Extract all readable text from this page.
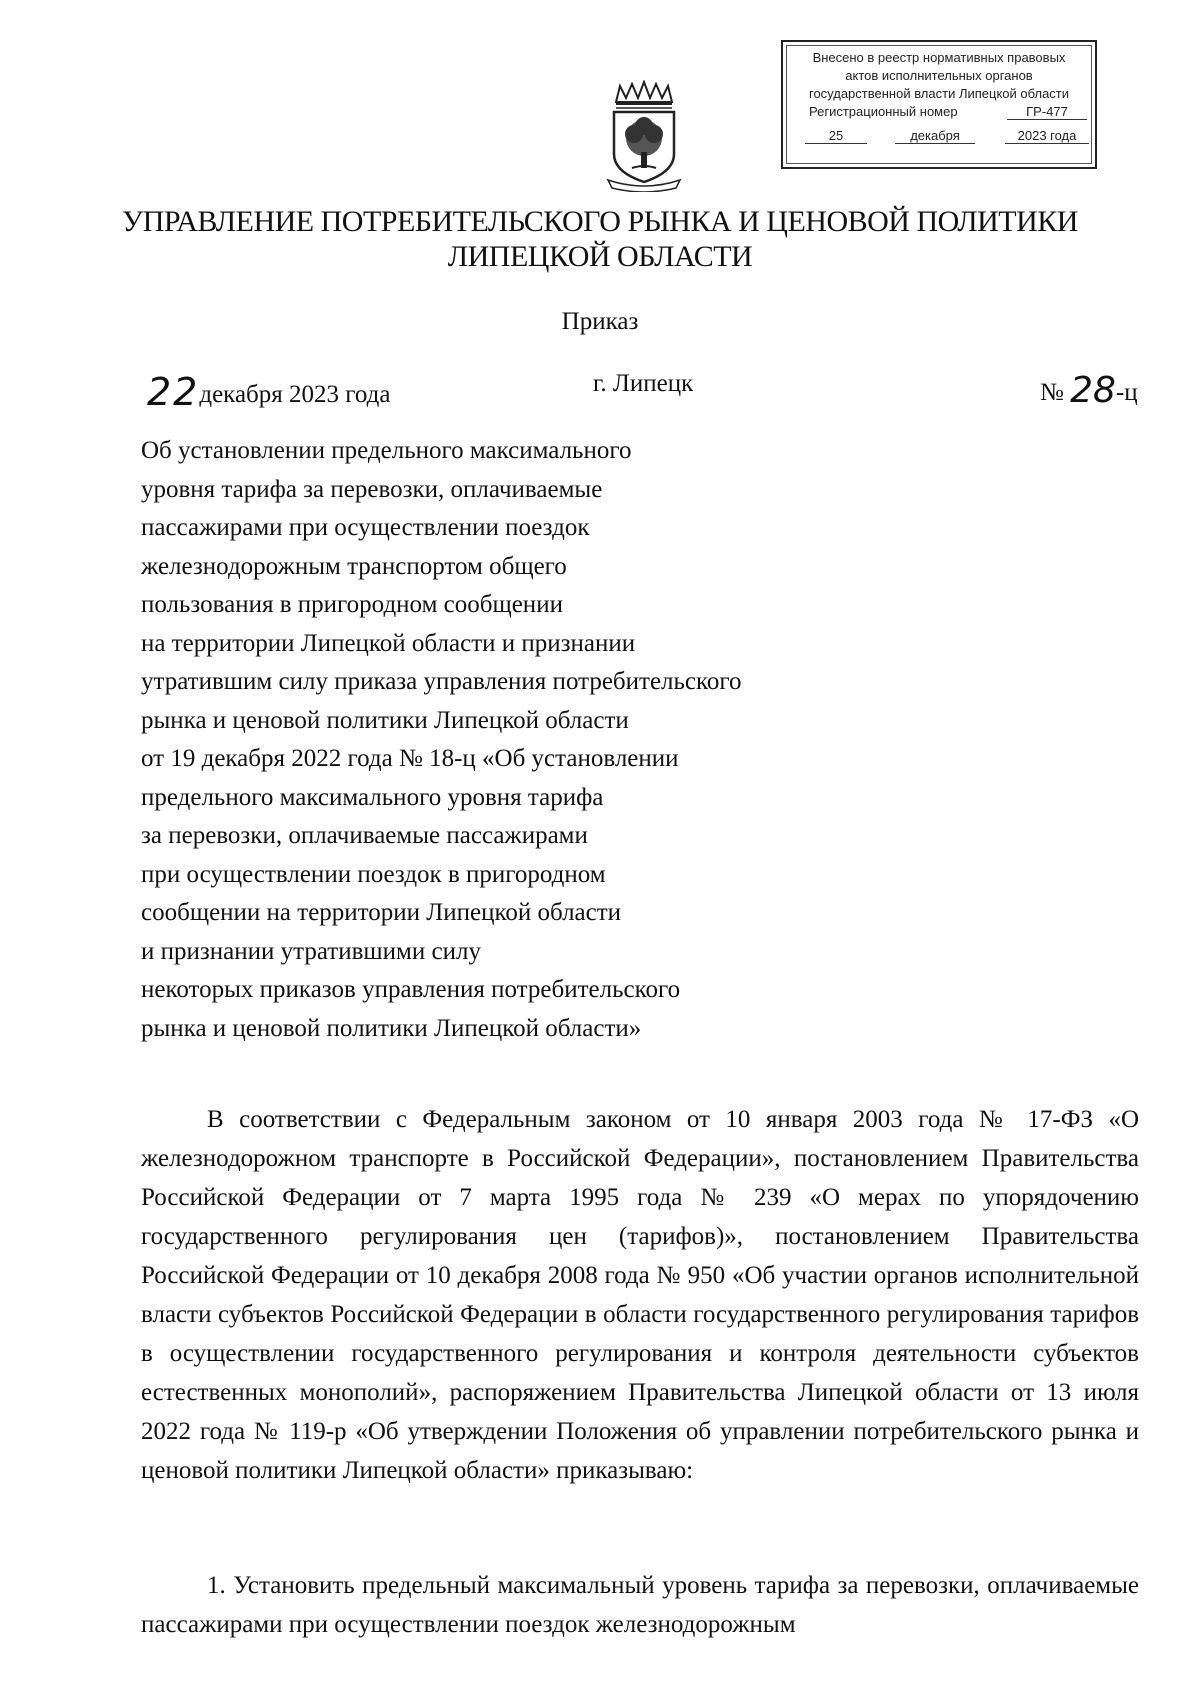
Внесено в реестр нормативных правовых
актов исполнительных органов
государственной власти Липецкой области
Регистрационный номер	ГР-477
25	декабря	2023 года
УПРАВЛЕНИЕ ПОТРЕБИТЕЛЬСКОГО РЫНКА И ЦЕНОВОЙ ПОЛИТИКИ
ЛИПЕЦКОЙ ОБЛАСТИ
Приказ
22декабря 2023 года	г. Липецк	№ 28-ц
Об установлении предельного максимального
уровня тарифа за перевозки, оплачиваемые
пассажирами при осуществлении поездок
железнодорожным транспортом общего
пользования в пригородном сообщении
на территории Липецкой области и признании
утратившим силу приказа управления потребительского
рынка и ценовой политики Липецкой области
от 19 декабря 2022 года № 18-ц «Об установлении
предельного максимального уровня тарифа
за перевозки, оплачиваемые пассажирами
при осуществлении поездок в пригородном
сообщении на территории Липецкой области
и признании утратившими силу
некоторых приказов управления потребительского
рынка и ценовой политики Липецкой области»
В соответствии с Федеральным законом от 10 января 2003 года № 17-ФЗ «О железнодорожном транспорте в Российской Федерации», постановлением Правительства Российской Федерации от 7 марта 1995 года № 239 «О мерах по упорядочению государственного регулирования цен (тарифов)», постановлением Правительства Российской Федерации от 10 декабря 2008 года № 950 «Об участии органов исполнительной власти субъектов Российской Федерации в области государственного регулирования тарифов в осуществлении государственного регулирования и контроля деятельности субъектов естественных монополий», распоряжением Правительства Липецкой области от 13 июля 2022 года № 119-р «Об утверждении Положения об управлении потребительского рынка и ценовой политики Липецкой области» приказываю:
1. Установить предельный максимальный уровень тарифа за перевозки, оплачиваемые пассажирами при осуществлении поездок железнодорожным
